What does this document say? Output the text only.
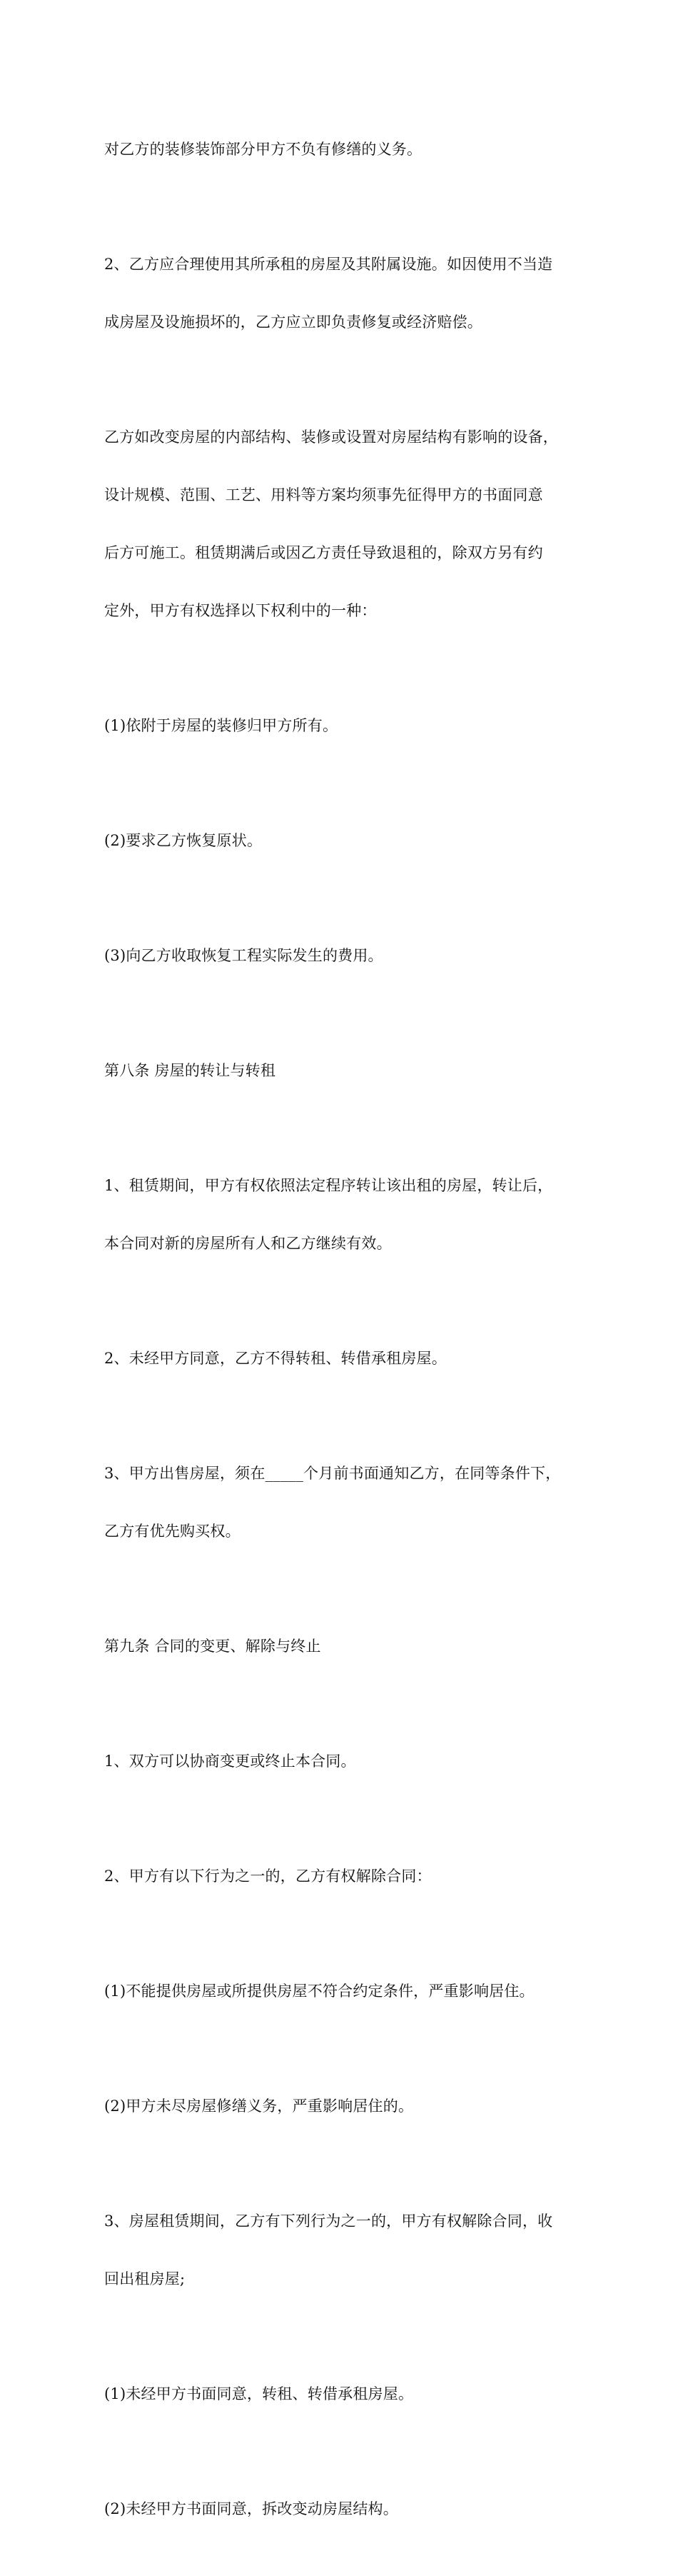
对乙方的装修装饰部分甲方不负有修缮的义务。

2、乙方应合理使用其所承租的房屋及其附属设施。如因使用不当造

成房屋及设施损坏的，乙方应立即负责修复或经济赔偿。

乙方如改变房屋的内部结构、装修或设置对房屋结构有影响的设备，

设计规模、范围、工艺、用料等方案均须事先征得甲方的书面同意

后方可施工。租赁期满后或因乙方责任导致退租的，除双方另有约

定外，甲方有权选择以下权利中的一种：

(1)依附于房屋的装修归甲方所有。

(2)要求乙方恢复原状。

(3)向乙方收取恢复工程实际发生的费用。

第八条 房屋的转让与转租

1、租赁期间，甲方有权依照法定程序转让该出租的房屋，转让后，

本合同对新的房屋所有人和乙方继续有效。

2、未经甲方同意，乙方不得转租、转借承租房屋。

3、甲方出售房屋，须在_____个月前书面通知乙方，在同等条件下，

乙方有优先购买权。

第九条 合同的变更、解除与终止

1、双方可以协商变更或终止本合同。

2、甲方有以下行为之一的，乙方有权解除合同：

(1)不能提供房屋或所提供房屋不符合约定条件，严重影响居住。

(2)甲方未尽房屋修缮义务，严重影响居住的。

3、房屋租赁期间，乙方有下列行为之一的，甲方有权解除合同，收

回出租房屋;

(1)未经甲方书面同意，转租、转借承租房屋。

(2)未经甲方书面同意，拆改变动房屋结构。
